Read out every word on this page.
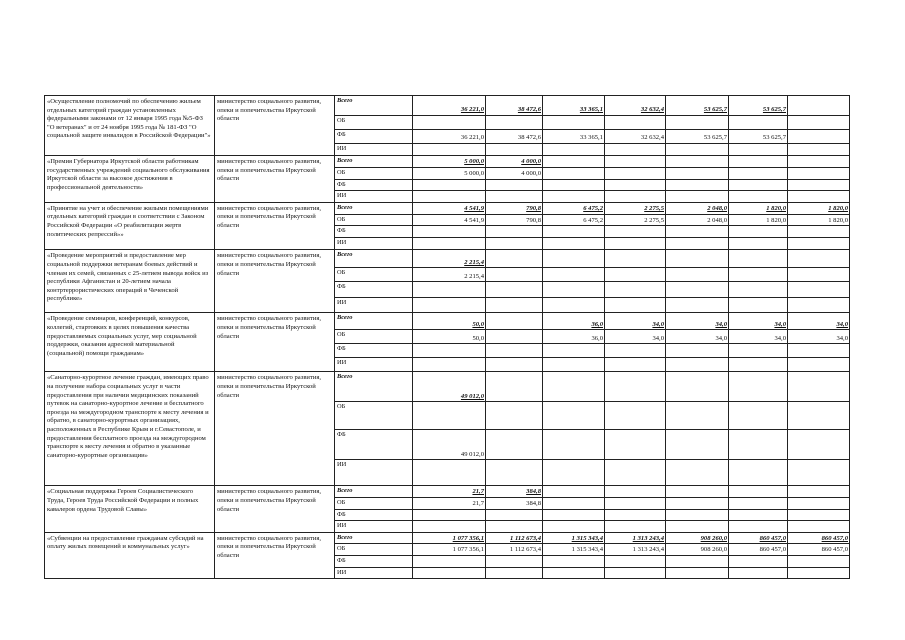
«Осуществление полномочий по обеспечению жильем отдельных категорий граждан установленных федеральными законами от 12 января 1995 года №5-ФЗ "О ветеранах" и от 24 ноября 1995 года № 181-ФЗ "О социальной защите инвалидов в Российской Федерации"»	министерство социального развития, опеки и попечительства Иркутской области	Всего	36 221,0	38 472,6	33 365,1	32 632,4	53 625,7	53 625,7	
		ОБ							
		ФБ	36 221,0	38 472,6	33 365,1	32 632,4	53 625,7	53 625,7	
		ИИ							
«Премия Губернатора Иркутской области работникам государственных учреждений социального обслуживания Иркутской области за высокое достижения в профессиональной деятельности»	министерство социального развития, опеки и попечительства Иркутской области	Всего	5 000,0	4 000,0					
		ОБ	5 000,0	4 000,0					
		ФБ							
		ИИ							
«Принятие на учет и обеспечение жилыми помещениями отдельных категорий граждан в соответствии с Законом Российской Федерации «О реабилитации жертв политических репрессий»»	министерство социального развития, опеки и попечительства Иркутской области	Всего	4 541,9	790,8	6 475,2	2 275,5	2 048,0	1 820,0	1 820,0
		ОБ	4 541,9	790,8	6 475,2	2 275,5	2 048,0	1 820,0	1 820,0
		ФБ							
		ИИ							
«Проведение мероприятий и предоставление мер социальной поддержки ветеранам боевых действий и членам их семей, связанных с 25-летием вывода войск из республики Афганистан и 20-летием начала контртеррористических операций в Чеченской республике»	министерство социального развития, опеки и попечительства Иркутской области	Всего	2 215,4						
		ОБ	2 215,4						
		ФБ							
		ИИ							
«Проведение семинаров, конференций, конкурсов, коллегий, стартовких в целях повышения качества предоставляемых социальных услуг, мер социальной поддержки, оказания адресной материальной (социальной) помощи гражданам»	министерство социального развития, опеки и попечительства Иркутской области	Всего	50,0		36,0	34,0	34,0	34,0	34,0
		ОБ	50,0		36,0	34,0	34,0	34,0	34,0
		ФБ							
		ИИ							
«Санаторно-курортное лечение граждан, имеющих право на получение набора социальных услуг в части предоставления при наличии медицинских показаний путевок на санаторно-курортное лечение и бесплатного проезда на междугородном транспорте к месту лечения и обратно, в санаторно-курортных организациях, расположенных в Республике Крым и г.Севастополе, и предоставления бесплатного проезда на междугородном транспорте к месту лечения и обратно в указанные санаторно-курортные организации»	министерство социального развития, опеки и попечительства Иркутской области	Всего	49 012,0						
		ОБ							
		ФБ	49 012,0						
		ИИ							
«Социальная поддержка Героев Социалистического Труда, Героев Труда Российской Федерации и полных кавалеров ордена Трудовой Славы»	министерство социального развития, опеки и попечительства Иркутской области	Всего	21,7	384,8					
		ОБ	21,7	384,8					
		ФБ							
		ИИ							
«Субвенции на предоставление гражданам субсидий на оплату жилых помещений и коммунальных услуг»	министерство социального развития, опеки и попечительства Иркутской области	Всего	1 077 356,1	1 112 673,4	1 315 343,4	1 313 243,4	908 260,0	860 457,0	860 457,0
		ОБ	1 077 356,1	1 112 673,4	1 315 343,4	1 313 243,4	908 260,0	860 457,0	860 457,0
		ФБ							
		ИИ							
